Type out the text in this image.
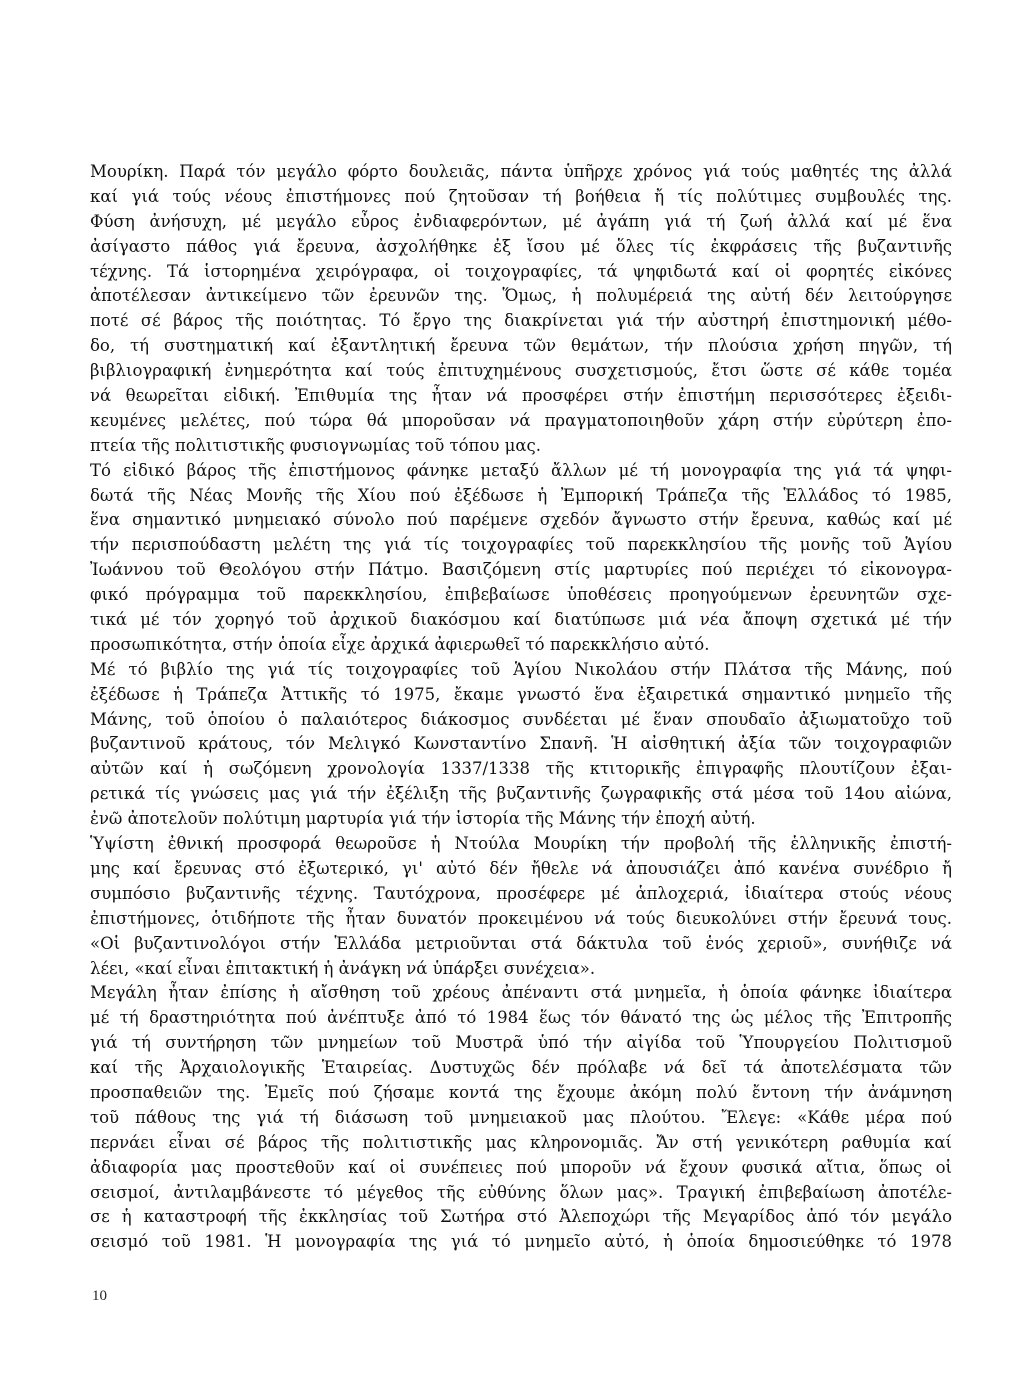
Μουρίκη. Παρά τόν μεγάλο φόρτο δουλειᾶς, πάντα ὑπῆρχε χρόνος γιά τούς μαθητές της ἀλλά
καί γιά τούς νέους ἐπιστήμονες πού ζητοῦσαν τή βοήθεια ἤ τίς πολύτιμες συμβουλές της.
Φύση ἀνήσυχη, μέ μεγάλο εὖρος ἐνδιαφερόντων, μέ ἀγάπη γιά τή ζωή ἀλλά καί μέ ἕνα
ἀσίγαστο πάθος γιά ἔρευνα, ἀσχολήθηκε ἐξ ἴσου μέ ὅλες τίς ἐκφράσεις τῆς βυζαντινῆς
τέχνης. Τά ἱστορημένα χειρόγραφα, οἱ τοιχογραφίες, τά ψηφιδωτά καί οἱ φορητές εἰκόνες
ἀποτέλεσαν ἀντικείμενο τῶν ἐρευνῶν της. Ὅμως, ἡ πολυμέρειά της αὐτή δέν λειτούργησε
ποτέ σέ βάρος τῆς ποιότητας. Τό ἔργο της διακρίνεται γιά τήν αὐστηρή ἐπιστημονική μέθο-
δο, τή συστηματική καί ἐξαντλητική ἔρευνα τῶν θεμάτων, τήν πλούσια χρήση πηγῶν, τή
βιβλιογραφική ἐνημερότητα καί τούς ἐπιτυχημένους συσχετισμούς, ἔτσι ὥστε σέ κάθε τομέα
νά θεωρεῖται εἰδική. Ἐπιθυμία της ἦταν νά προσφέρει στήν ἐπιστήμη περισσότερες ἐξειδι-
κευμένες μελέτες, πού τώρα θά μποροῦσαν νά πραγματοποιηθοῦν χάρη στήν εὐρύτερη ἐπο-
πτεία τῆς πολιτιστικῆς φυσιογνωμίας τοῦ τόπου μας.
Τό εἰδικό βάρος τῆς ἐπιστήμονος φάνηκε μεταξύ ἄλλων μέ τή μονογραφία της γιά τά ψηφι-
δωτά τῆς Νέας Μονῆς τῆς Χίου πού ἐξέδωσε ἡ Ἐμπορική Τράπεζα τῆς Ἑλλάδος τό 1985,
ἕνα σημαντικό μνημειακό σύνολο πού παρέμενε σχεδόν ἄγνωστο στήν ἔρευνα, καθώς καί μέ
τήν περισπούδαστη μελέτη της γιά τίς τοιχογραφίες τοῦ παρεκκλησίου τῆς μονῆς τοῦ Ἁγίου
Ἰωάννου τοῦ Θεολόγου στήν Πάτμο. Βασιζόμενη στίς μαρτυρίες πού περιέχει τό εἰκονογρα-
φικό πρόγραμμα τοῦ παρεκκλησίου, ἐπιβεβαίωσε ὑποθέσεις προηγούμενων ἐρευνητῶν σχε-
τικά μέ τόν χορηγό τοῦ ἀρχικοῦ διακόσμου καί διατύπωσε μιά νέα ἄποψη σχετικά μέ τήν
προσωπικότητα, στήν ὁποία εἶχε ἀρχικά ἀφιερωθεῖ τό παρεκκλήσιο αὐτό.
Μέ τό βιβλίο της γιά τίς τοιχογραφίες τοῦ Ἁγίου Νικολάου στήν Πλάτσα τῆς Μάνης, πού
ἐξέδωσε ἡ Τράπεζα Ἀττικῆς τό 1975, ἔκαμε γνωστό ἕνα ἐξαιρετικά σημαντικό μνημεῖο τῆς
Μάνης, τοῦ ὁποίου ὁ παλαιότερος διάκοσμος συνδέεται μέ ἕναν σπουδαῖο ἀξιωματοῦχο τοῦ
βυζαντινοῦ κράτους, τόν Μελιγκό Κωνσταντίνο Σπανῆ. Ἡ αἰσθητική ἀξία τῶν τοιχογραφιῶν
αὐτῶν καί ἡ σωζόμενη χρονολογία 1337/1338 τῆς κτιτορικῆς ἐπιγραφῆς πλουτίζουν ἐξαι-
ρετικά τίς γνώσεις μας γιά τήν ἐξέλιξη τῆς βυζαντινῆς ζωγραφικῆς στά μέσα τοῦ 14ου αἰώνα,
ἐνῶ ἀποτελοῦν πολύτιμη μαρτυρία γιά τήν ἱστορία τῆς Μάνης τήν ἐποχή αὐτή.
Ὑψίστη ἐθνική προσφορά θεωροῦσε ἡ Ντούλα Μουρίκη τήν προβολή τῆς ἑλληνικῆς ἐπιστή-
μης καί ἔρευνας στό ἐξωτερικό, γι' αὐτό δέν ἤθελε νά ἀπουσιάζει ἀπό κανένα συνέδριο ἤ
συμπόσιο βυζαντινῆς τέχνης. Ταυτόχρονα, προσέφερε μέ ἁπλοχεριά, ἰδιαίτερα στούς νέους
ἐπιστήμονες, ὁτιδήποτε τῆς ἦταν δυνατόν προκειμένου νά τούς διευκολύνει στήν ἔρευνά τους.
«Οἱ βυζαντινολόγοι στήν Ἑλλάδα μετριοῦνται στά δάκτυλα τοῦ ἑνός χεριοῦ», συνήθιζε νά
λέει, «καί εἶναι ἐπιτακτική ἡ ἀνάγκη νά ὑπάρξει συνέχεια».
Μεγάλη ἦταν ἐπίσης ἡ αἴσθηση τοῦ χρέους ἀπέναντι στά μνημεῖα, ἡ ὁποία φάνηκε ἰδιαίτερα
μέ τή δραστηριότητα πού ἀνέπτυξε ἀπό τό 1984 ἕως τόν θάνατό της ὡς μέλος τῆς Ἐπιτροπῆς
γιά τή συντήρηση τῶν μνημείων τοῦ Μυστρᾶ ὑπό τήν αἰγίδα τοῦ Ὑπουργείου Πολιτισμοῦ
καί τῆς Ἀρχαιολογικῆς Ἑταιρείας. Δυστυχῶς δέν πρόλαβε νά δεῖ τά ἀποτελέσματα τῶν
προσπαθειῶν της. Ἐμεῖς πού ζήσαμε κοντά της ἔχουμε ἀκόμη πολύ ἔντονη τήν ἀνάμνηση
τοῦ πάθους της γιά τή διάσωση τοῦ μνημειακοῦ μας πλούτου. Ἔλεγε: «Κάθε μέρα πού
περνάει εἶναι σέ βάρος τῆς πολιτιστικῆς μας κληρονομιᾶς. Ἄν στή γενικότερη ραθυμία καί
ἀδιαφορία μας προστεθοῦν καί οἱ συνέπειες πού μποροῦν νά ἔχουν φυσικά αἴτια, ὅπως οἱ
σεισμοί, ἀντιλαμβάνεστε τό μέγεθος τῆς εὐθύνης ὅλων μας». Τραγική ἐπιβεβαίωση ἀποτέλε-
σε ἡ καταστροφή τῆς ἐκκλησίας τοῦ Σωτήρα στό Ἀλεποχώρι τῆς Μεγαρίδος ἀπό τόν μεγάλο
σεισμό τοῦ 1981. Ἡ μονογραφία της γιά τό μνημεῖο αὐτό, ἡ ὁποία δημοσιεύθηκε τό 1978
10
